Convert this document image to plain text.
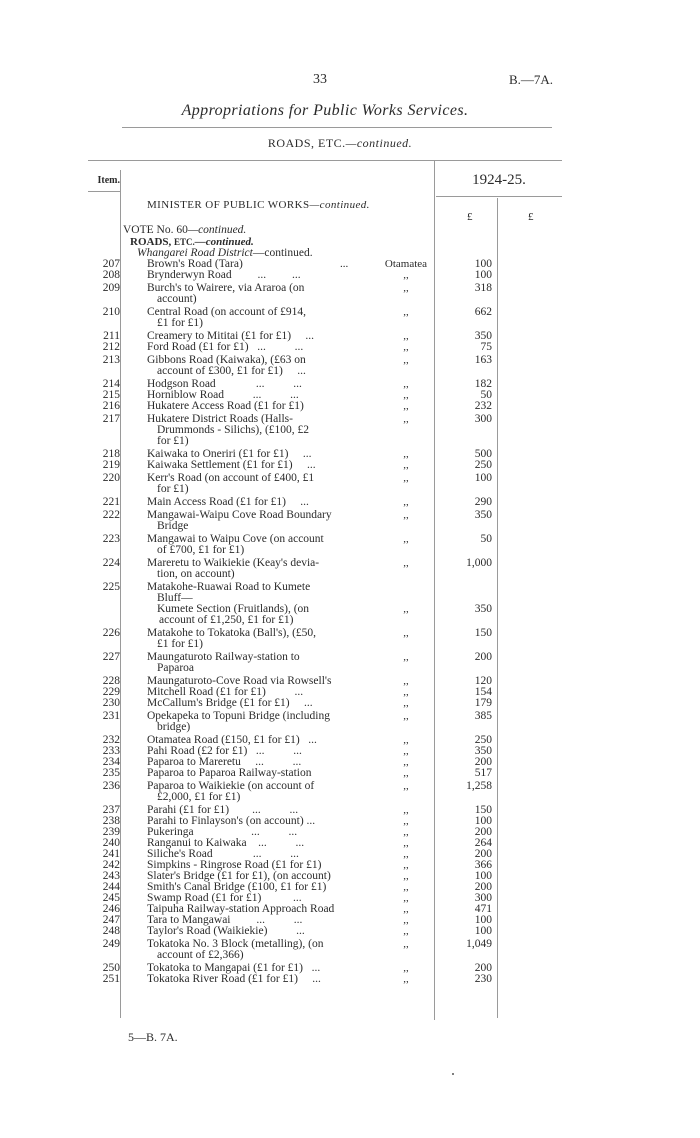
33	B.—7A.
Appropriations for Public Works Services.
ROADS, ETC.—continued.
Item.	1924-25.
£	£
MINISTER OF PUBLIC WORKS—continued.
VOTE No. 60—continued.
ROADS, ETC.—continued.
Whangarei Road District—continued.
207 Brown's Road (Tara)	...	Otamatea	100
208 Brynderwyn Road         ...         ...	,,	100
209 Burch's to Wairere, via Araroa (on
account)
,,	318
210 Central Road (on account of £914,
£1 for £1)
,,	662
211 Creamery to Mititai (£1 for £1)     ...	,,	350
212 Ford Road (£1 for £1)   ...          ...	,,	75
213 Gibbons Road (Kaiwaka), (£63 on
account of £300, £1 for £1)     ...
,,	163
214 Hodgson Road              ...          ...	,,	182
215 Horniblow Road          ...          ...	,,	50
216 Hukatere Access Road (£1 for £1)	,,	232
217 Hukatere District Roads (Halls-
Drummonds - Silichs), (£100, £2
for £1)
,,	300
218 Kaiwaka to Oneriri (£1 for £1)     ...	,,	500
219 Kaiwaka Settlement (£1 for £1)     ...	,,	250
220 Kerr's Road (on account of £400, £1
for £1)
,,	100
221 Main Access Road (£1 for £1)     ...	,,	290
222 Mangawai-Waipu Cove Road Boundary
Bridge
,,	350
223 Mangawai to Waipu Cove (on account
of £700, £1 for £1)
,,	50
224 Mareretu to Waikiekie (Keay's devia-
tion, on account)
,,	1,000
225 Matakohe-Ruawai Road to Kumete
Bluff—
Kumete Section (Fruitlands), (on
account of £1,250, £1 for £1)
,,	350
226 Matakohe to Tokatoka (Ball's), (£50,
£1 for £1)
,,	150
227 Maungaturoto Railway-station to
Paparoa
,,	200
228 Maungaturoto-Cove Road via Rowsell's	,,	120
229 Mitchell Road (£1 for £1)          ...	,,	154
230 McCallum's Bridge (£1 for £1)     ...	,,	179
231 Opekapeka to Topuni Bridge (including
bridge)
,,	385
232 Otamatea Road (£150, £1 for £1)   ...	,,	250
233 Pahi Road (£2 for £1)   ...          ...	,,	350
234 Paparoa to Mareretu     ...          ...	,,	200
235 Paparoa to Paparoa Railway-station	,,	517
236 Paparoa to Waikiekie (on account of
£2,000, £1 for £1)
,,	1,258
237 Parahi (£1 for £1)        ...          ...	,,	150
238 Parahi to Finlayson's (on account) ...	,,	100
239 Pukeringa                    ...          ...	,,	200
240 Ranganui to Kaiwaka    ...          ...	,,	264
241 Siliche's Road              ...          ...	,,	200
242 Simpkins - Ringrose Road (£1 for £1)	,,	366
243 Slater's Bridge (£1 for £1), (on account)	,,	100
244 Smith's Canal Bridge (£100, £1 for £1)	,,	200
245 Swamp Road (£1 for £1)           ...	,,	300
246 Taipuha Railway-station Approach Road	,,	471
247 Tara to Mangawai         ...          ...	,,	100
248 Taylor's Road (Waikiekie)          ...	,,	100
249 Tokatoka No. 3 Block (metalling), (on
account of £2,366)
,,	1,049
250 Tokatoka to Mangapai (£1 for £1)   ...	,,	200
251 Tokatoka River Road (£1 for £1)     ...	,,	230
5—B. 7A.
